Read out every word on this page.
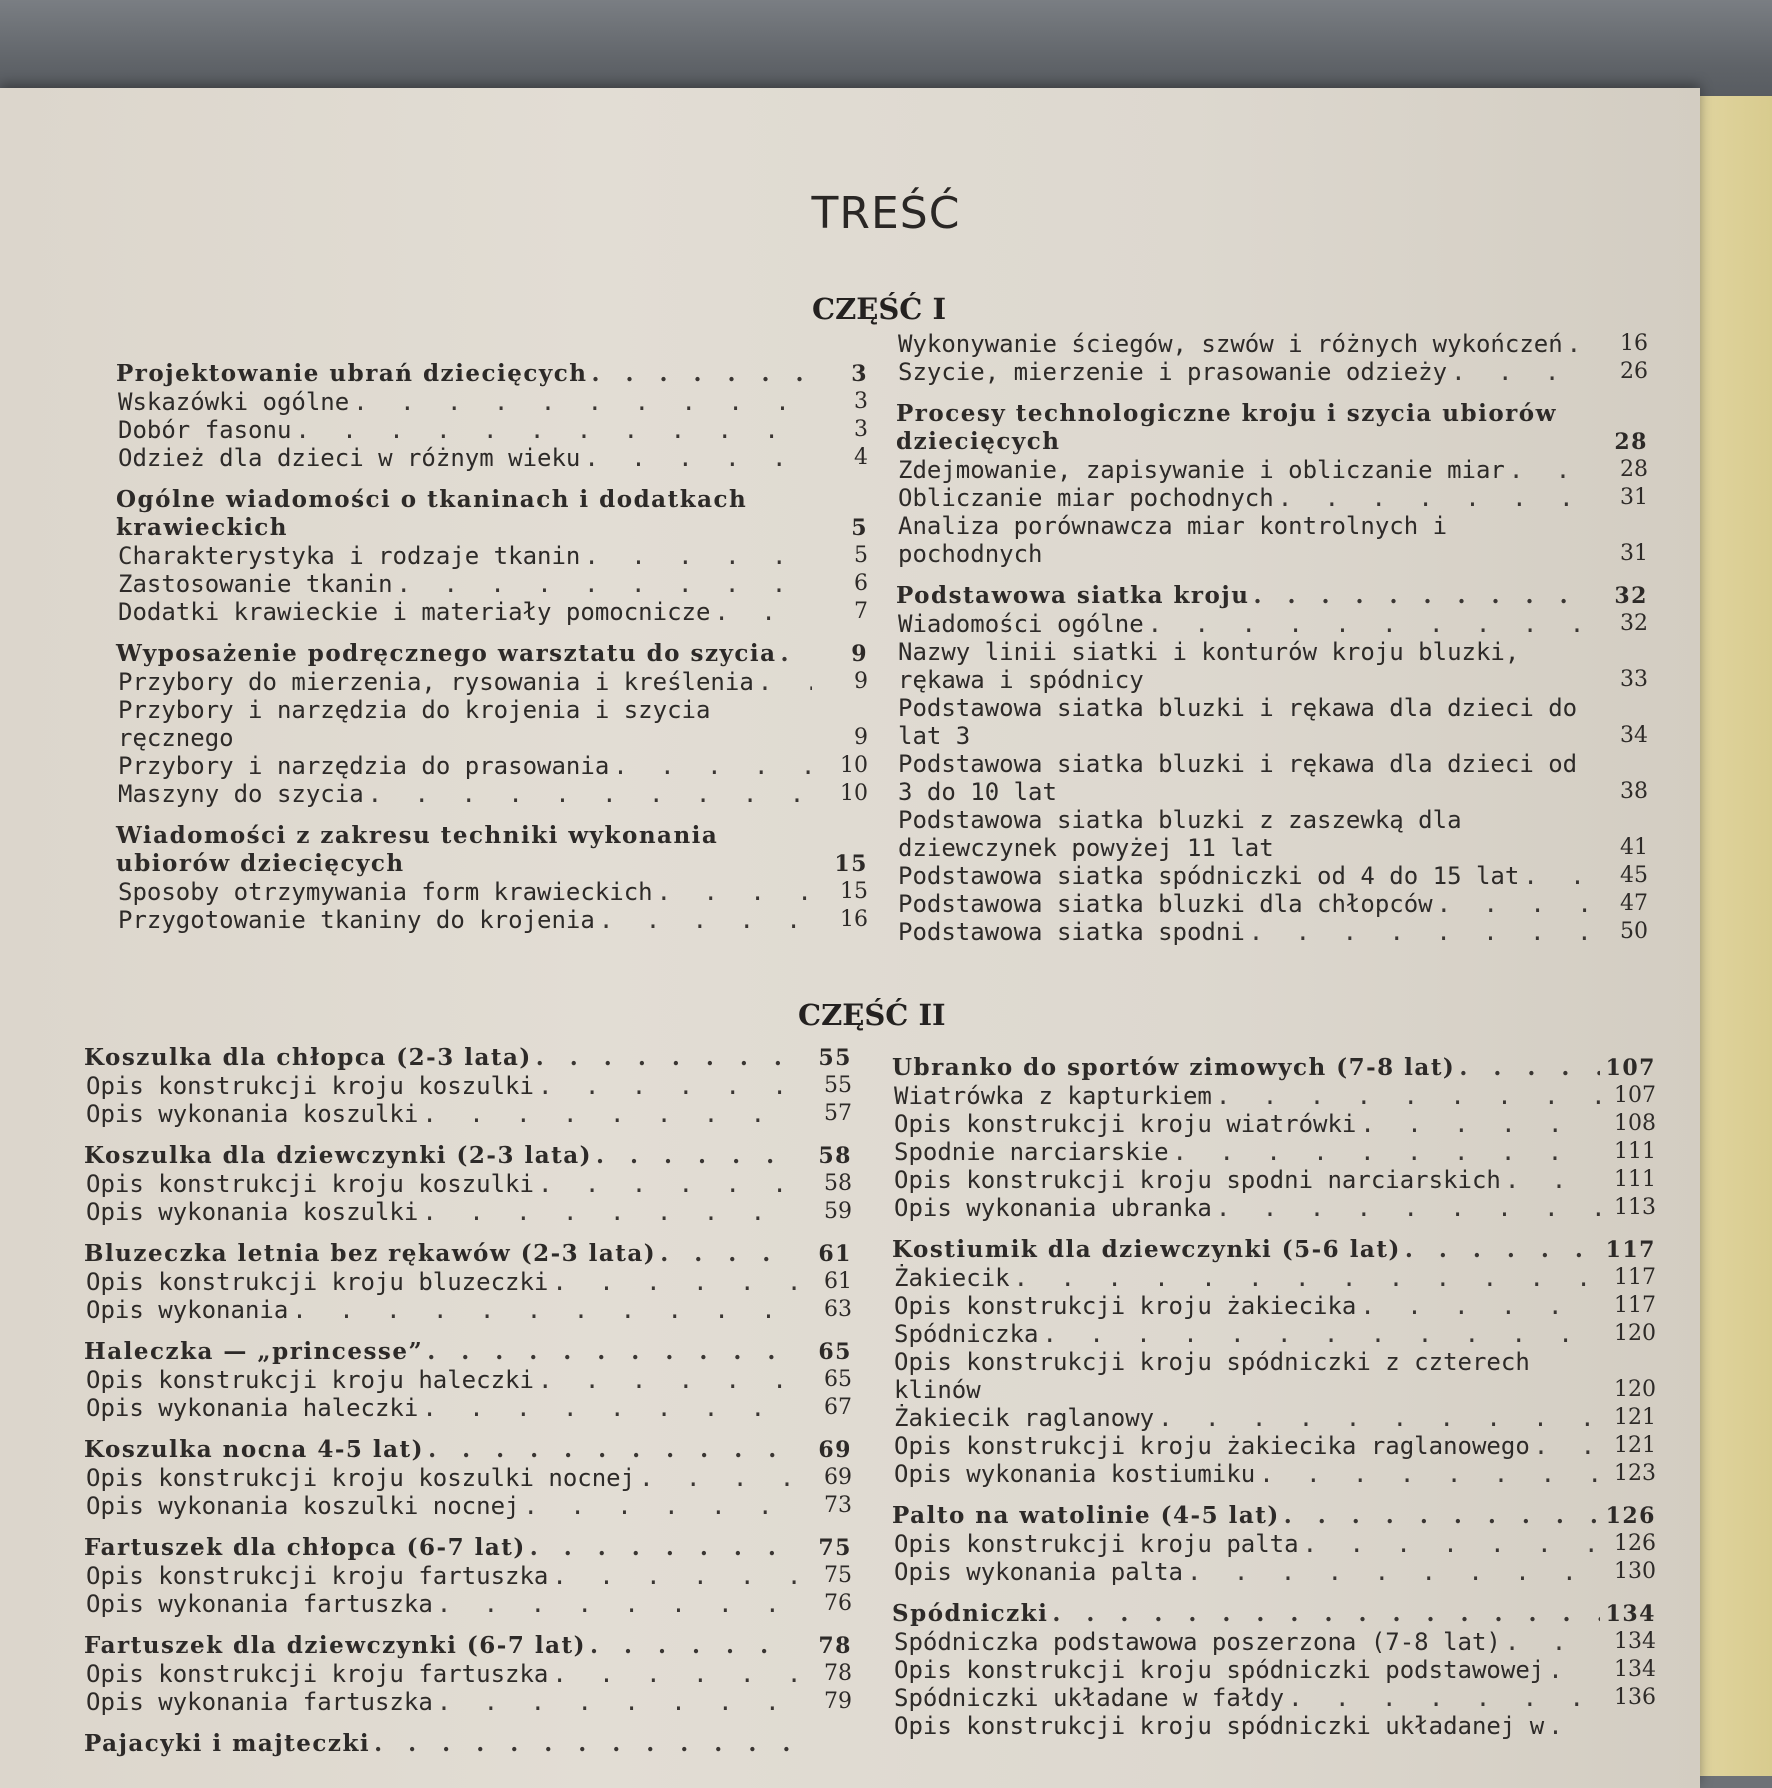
TREŚĆ
CZĘŚĆ I
CZĘŚĆ II
Projektowanie ubrań dziecięcych . . .	3
Wskazówki ogólne . . .	3
Dobór fasonu . . .	3
Odzież dla dzieci w różnym wieku . . .	4
Ogólne wiadomości o tkaninach i dodatkach krawieckich	5
Charakterystyka i rodzaje tkanin . . .	5
Zastosowanie tkanin . . .	6
Dodatki krawieckie i materiały pomocnicze . . .	7
Wyposażenie podręcznego warsztatu do szycia . . .	9
Przybory do mierzenia, rysowania i kreślenia . . .	9
Przybory i narzędzia do krojenia i szycia ręcznego	9
Przybory i narzędzia do prasowania . . .	10
Maszyny do szycia . . .	10
Wiadomości z zakresu techniki wykonania ubiorów dziecięcych	15
Sposoby otrzymywania form krawieckich . . .	15
Przygotowanie tkaniny do krojenia . . .	16
Wykonywanie ściegów, szwów i różnych wykończeń . . .	16
Szycie, mierzenie i prasowanie odzieży . . .	26
Procesy technologiczne kroju i szycia ubiorów dziecięcych	28
Zdejmowanie, zapisywanie i obliczanie miar . . .	28
Obliczanie miar pochodnych . . .	31
Analiza porównawcza miar kontrolnych i pochodnych	31
Podstawowa siatka kroju . . .	32
Wiadomości ogólne . . .	32
Nazwy linii siatki i konturów kroju bluzki, rękawa i spódnicy	33
Podstawowa siatka bluzki i rękawa dla dzieci do lat 3	34
Podstawowa siatka bluzki i rękawa dla dzieci od 3 do 10 lat	38
Podstawowa siatka bluzki z zaszewką dla dziewczynek powyżej 11 lat	41
Podstawowa siatka spódniczki od 4 do 15 lat . . .	45
Podstawowa siatka bluzki dla chłopców . . .	47
Podstawowa siatka spodni . . .	50
Koszulka dla chłopca (2-3 lata) . . .	55
Opis konstrukcji kroju koszulki . . .	55
Opis wykonania koszulki . . .	57
Koszulka dla dziewczynki (2-3 lata) . . .	58
Opis konstrukcji kroju koszulki . . .	58
Opis wykonania koszulki . . .	59
Bluzeczka letnia bez rękawów (2-3 lata) . . .	61
Opis konstrukcji kroju bluzeczki . . .	61
Opis wykonania . . .	63
Haleczka — „princesse” . . .	65
Opis konstrukcji kroju haleczki . . .	65
Opis wykonania haleczki . . .	67
Koszulka nocna 4-5 lat) . . .	69
Opis konstrukcji kroju koszulki nocnej . . .	69
Opis wykonania koszulki nocnej . . .	73
Fartuszek dla chłopca (6-7 lat) . . .	75
Opis konstrukcji kroju fartuszka . . .	75
Opis wykonania fartuszka . . .	76
Fartuszek dla dziewczynki (6-7 lat) . . .	78
Opis konstrukcji kroju fartuszka . . .	78
Opis wykonania fartuszka . . .	79
Pajacyki i majteczki
. . .
Ubranko do sportów zimowych (7-8 lat) . . .	107
Wiatrówka z kapturkiem . . .	107
Opis konstrukcji kroju wiatrówki . . .	108
Spodnie narciarskie . . .	111
Opis konstrukcji kroju spodni narciarskich . . .	111
Opis wykonania ubranka . . .	113
Kostiumik dla dziewczynki (5-6 lat) . . .	117
Żakiecik . . .	117
Opis konstrukcji kroju żakiecika . . .	117
Spódniczka . . .	120
Opis konstrukcji kroju spódniczki z czterech klinów	120
Żakiecik raglanowy . . .	121
Opis konstrukcji kroju żakiecika raglanowego . . .	121
Opis wykonania kostiumiku . . .	123
Palto na watolinie (4-5 lat) . . .	126
Opis konstrukcji kroju palta . . .	126
Opis wykonania palta . . .	130
Spódniczki . . .	134
Spódniczka podstawowa poszerzona (7-8 lat) . . .	134
Opis konstrukcji kroju spódniczki podstawowej . . .	134
Spódniczki układane w fałdy . . .	136
Opis konstrukcji kroju spódniczki układanej w
. . .
